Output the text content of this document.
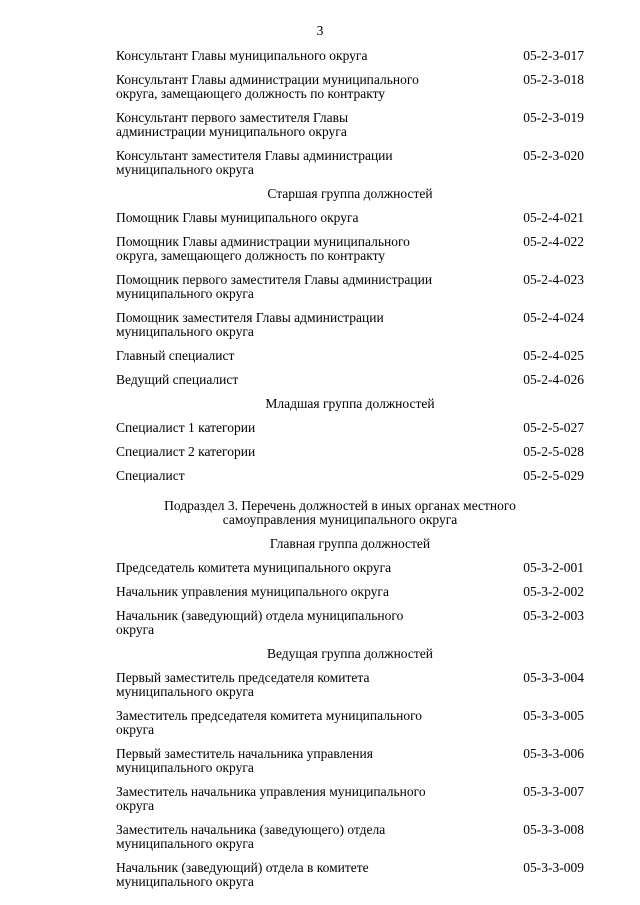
3
Консультант Главы муниципального округа	05-2-3-017
Консультант Главы администрации муниципального
округа, замещающего должность по контракту
05-2-3-018
Консультант первого заместителя Главы
администрации муниципального округа
05-2-3-019
Консультант заместителя Главы администрации
муниципального округа
05-2-3-020
Старшая группа должностей
Помощник Главы муниципального округа	05-2-4-021
Помощник Главы администрации муниципального
округа, замещающего должность по контракту
05-2-4-022
Помощник первого заместителя Главы администрации
муниципального округа
05-2-4-023
Помощник заместителя Главы администрации
муниципального округа
05-2-4-024
Главный специалист	05-2-4-025
Ведущий специалист	05-2-4-026
Младшая группа должностей
Специалист 1 категории	05-2-5-027
Специалист 2 категории	05-2-5-028
Специалист	05-2-5-029
Подраздел 3. Перечень должностей в иных органах местного
самоуправления муниципального округа
Главная группа должностей
Председатель комитета муниципального округа	05-3-2-001
Начальник управления муниципального округа	05-3-2-002
Начальник (заведующий) отдела муниципального
округа
05-3-2-003
Ведущая группа должностей
Первый заместитель председателя комитета
муниципального округа
05-3-3-004
Заместитель председателя комитета муниципального
округа
05-3-3-005
Первый заместитель начальника управления
муниципального округа
05-3-3-006
Заместитель начальника управления муниципального
округа
05-3-3-007
Заместитель начальника (заведующего) отдела
муниципального округа
05-3-3-008
Начальник (заведующий) отдела в комитете
муниципального округа
05-3-3-009
